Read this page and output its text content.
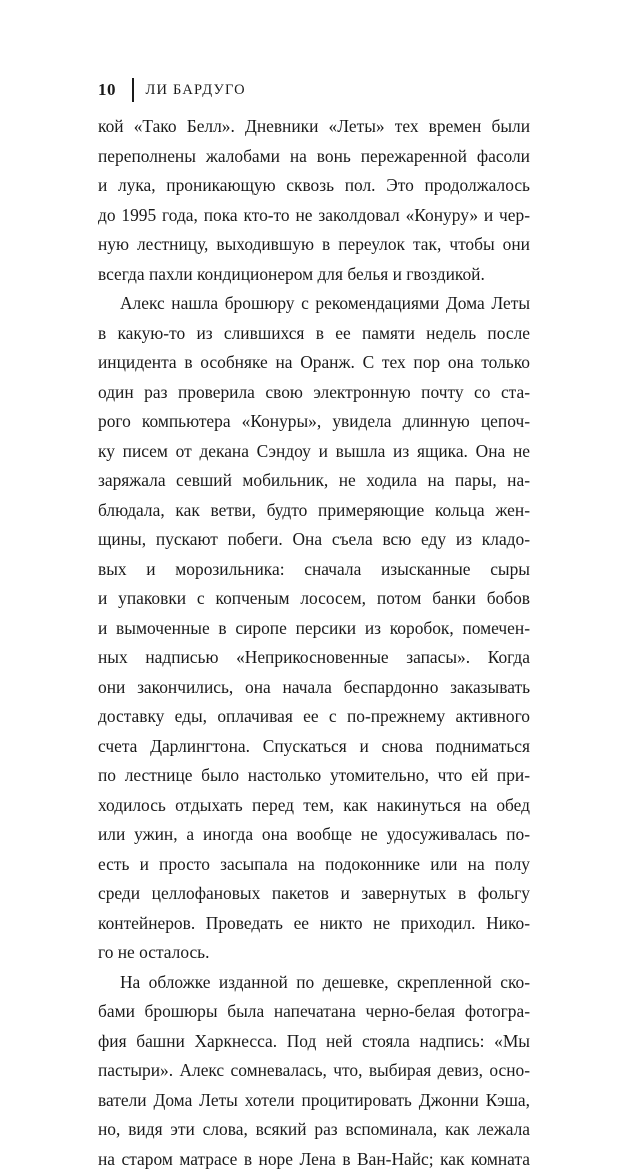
10 ЛИ БАРДУГО
кой «Тако Белл». Дневники «Леты» тех времен были
переполнены жалобами на вонь пережаренной фасоли
и лука, проникающую сквозь пол. Это продолжалось
до 1995 года, пока кто-то не заколдовал «Конуру» и чер-
ную лестницу, выходившую в переулок так, чтобы они
всегда пахли кондиционером для белья и гвоздикой.
Алекс нашла брошюру с рекомендациями Дома Леты
в какую-то из слившихся в ее памяти недель после
инцидента в особняке на Оранж. С тех пор она только
один раз проверила свою электронную почту со ста-
рого компьютера «Конуры», увидела длинную цепоч-
ку писем от декана Сэндоу и вышла из ящика. Она не
заряжала севший мобильник, не ходила на пары, на-
блюдала, как ветви, будто примеряющие кольца жен-
щины, пускают побеги. Она съела всю еду из кладо-
вых и морозильника: сначала изысканные сыры
и упаковки с копченым лососем, потом банки бобов
и вымоченные в сиропе персики из коробок, помечен-
ных надписью «Неприкосновенные запасы». Когда
они закончились, она начала беспардонно заказывать
доставку еды, оплачивая ее с по-прежнему активного
счета Дарлингтона. Спускаться и снова подниматься
по лестнице было настолько утомительно, что ей при-
ходилось отдыхать перед тем, как накинуться на обед
или ужин, а иногда она вообще не удосуживалась по-
есть и просто засыпала на подоконнике или на полу
среди целлофановых пакетов и завернутых в фольгу
контейнеров. Проведать ее никто не приходил. Нико-
го не осталось.
На обложке изданной по дешевке, скрепленной ско-
бами брошюры была напечатана черно-белая фотогра-
фия башни Харкнесса. Под ней стояла надпись: «Мы
пастыри». Алекс сомневалась, что, выбирая девиз, осно-
ватели Дома Леты хотели процитировать Джонни Кэша,
но, видя эти слова, всякий раз вспоминала, как лежала
на старом матрасе в норе Лена в Ван-Найс; как комната
